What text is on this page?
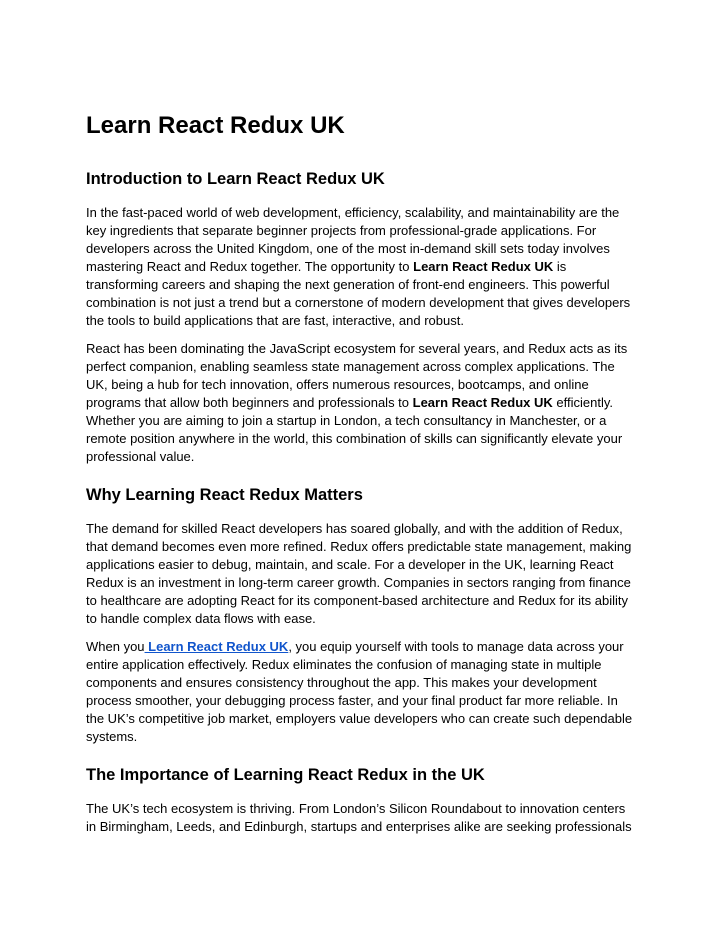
Learn React Redux UK
Introduction to Learn React Redux UK

In the fast-paced world of web development, efficiency, scalability, and maintainability are the key ingredients that separate beginner projects from professional-grade applications. For developers across the United Kingdom, one of the most in-demand skill sets today involves mastering React and Redux together. The opportunity to Learn React Redux UK is transforming careers and shaping the next generation of front-end engineers. This powerful combination is not just a trend but a cornerstone of modern development that gives developers the tools to build applications that are fast, interactive, and robust.

React has been dominating the JavaScript ecosystem for several years, and Redux acts as its perfect companion, enabling seamless state management across complex applications. The UK, being a hub for tech innovation, offers numerous resources, bootcamps, and online programs that allow both beginners and professionals to Learn React Redux UK efficiently. Whether you are aiming to join a startup in London, a tech consultancy in Manchester, or a remote position anywhere in the world, this combination of skills can significantly elevate your professional value.

Why Learning React Redux Matters

The demand for skilled React developers has soared globally, and with the addition of Redux, that demand becomes even more refined. Redux offers predictable state management, making applications easier to debug, maintain, and scale. For a developer in the UK, learning React Redux is an investment in long-term career growth. Companies in sectors ranging from finance to healthcare are adopting React for its component-based architecture and Redux for its ability to handle complex data flows with ease.

When you Learn React Redux UK, you equip yourself with tools to manage data across your entire application effectively. Redux eliminates the confusion of managing state in multiple components and ensures consistency throughout the app. This makes your development process smoother, your debugging process faster, and your final product far more reliable. In the UK’s competitive job market, employers value developers who can create such dependable systems.

The Importance of Learning React Redux in the UK

The UK’s tech ecosystem is thriving. From London’s Silicon Roundabout to innovation centers in Birmingham, Leeds, and Edinburgh, startups and enterprises alike are seeking professionals
